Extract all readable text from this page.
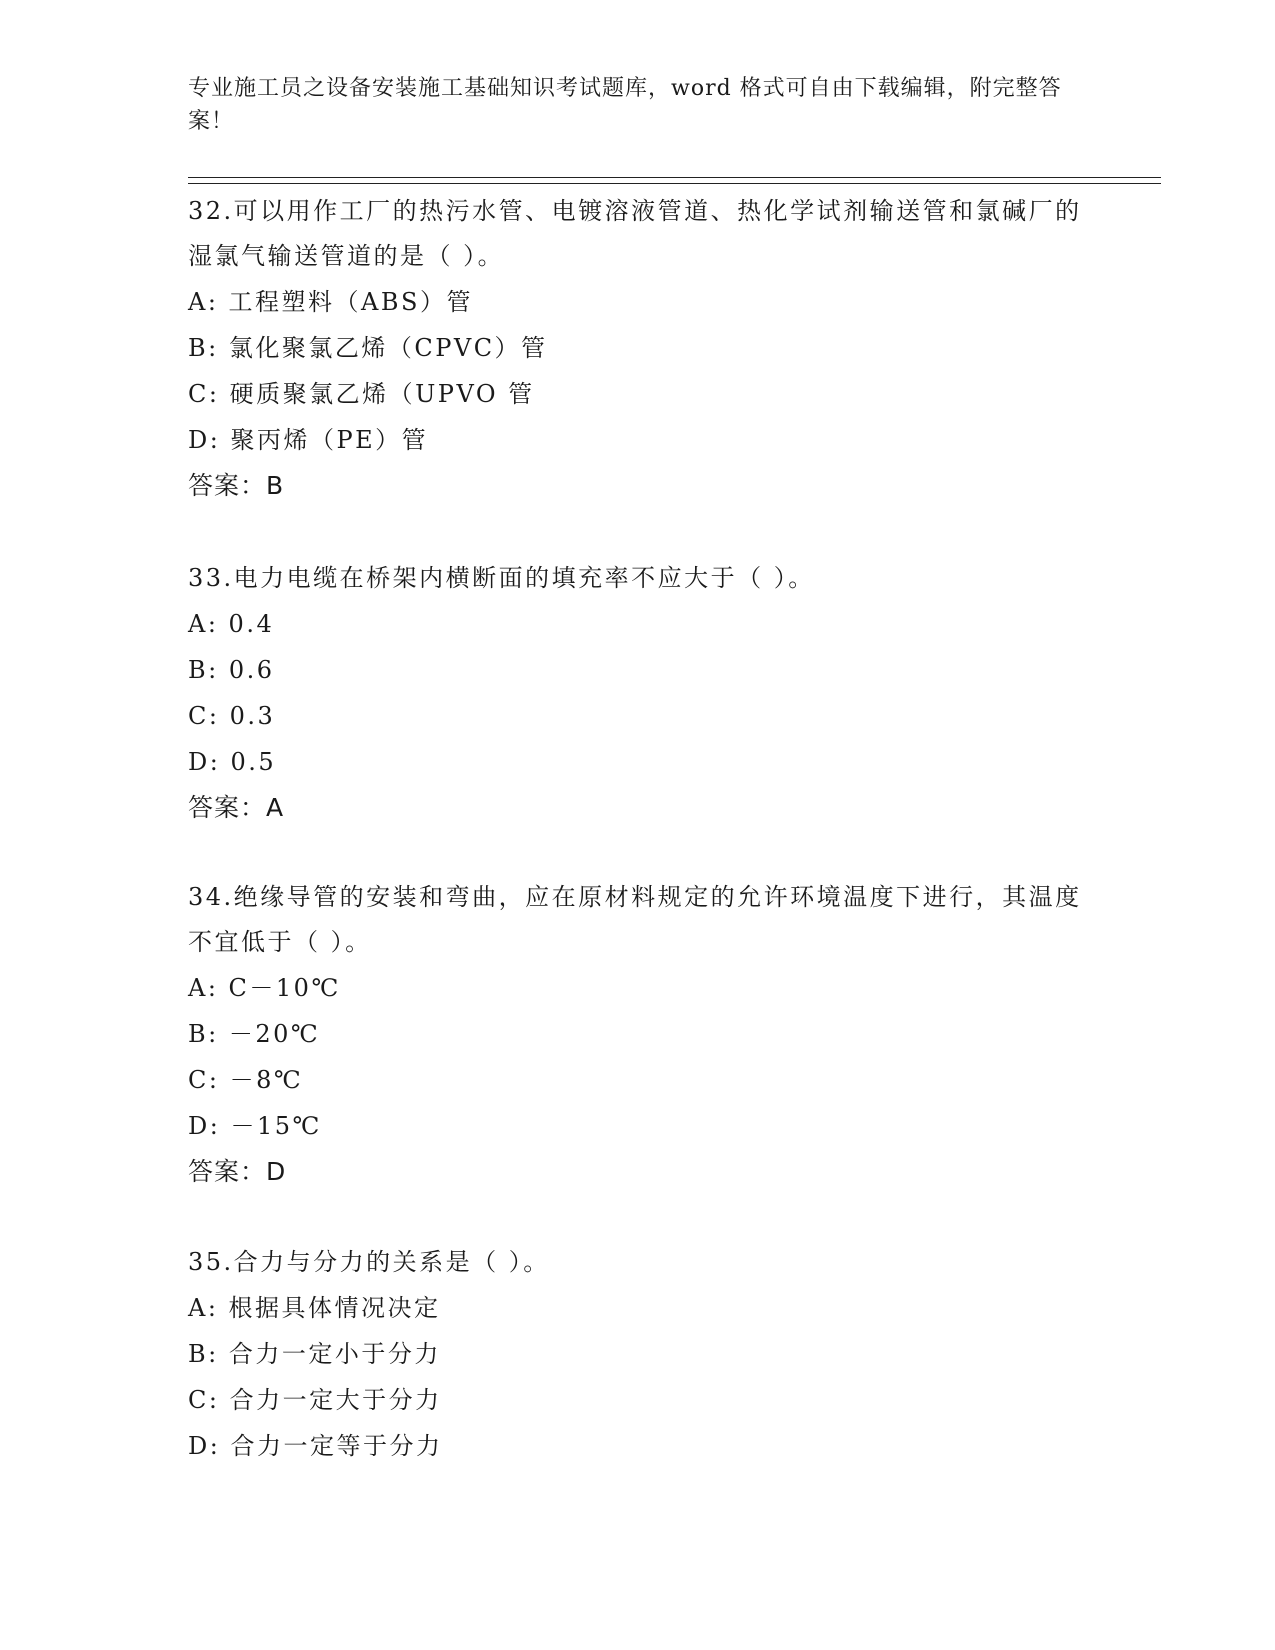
专业施工员之设备安装施工基础知识考试题库，word 格式可自由下载编辑，附完整答案！
32.可以用作工厂的热污水管、电镀溶液管道、热化学试剂输送管和氯碱厂的湿氯气输送管道的是（ ）。
A: 工程塑料（ABS）管
B: 氯化聚氯乙烯（CPVC）管
C: 硬质聚氯乙烯（UPVO 管
D: 聚丙烯（PE）管
答案：B
33.电力电缆在桥架内横断面的填充率不应大于（ ）。
A: 0.4
B: 0.6
C: 0.3
D: 0.5
答案：A
34.绝缘导管的安装和弯曲，应在原材料规定的允许环境温度下进行，其温度不宜低于（ ）。
A: C－10℃
B: －20℃
C: －8℃
D: －15℃
答案：D
35.合力与分力的关系是（ ）。
A: 根据具体情况决定
B: 合力一定小于分力
C: 合力一定大于分力
D: 合力一定等于分力
